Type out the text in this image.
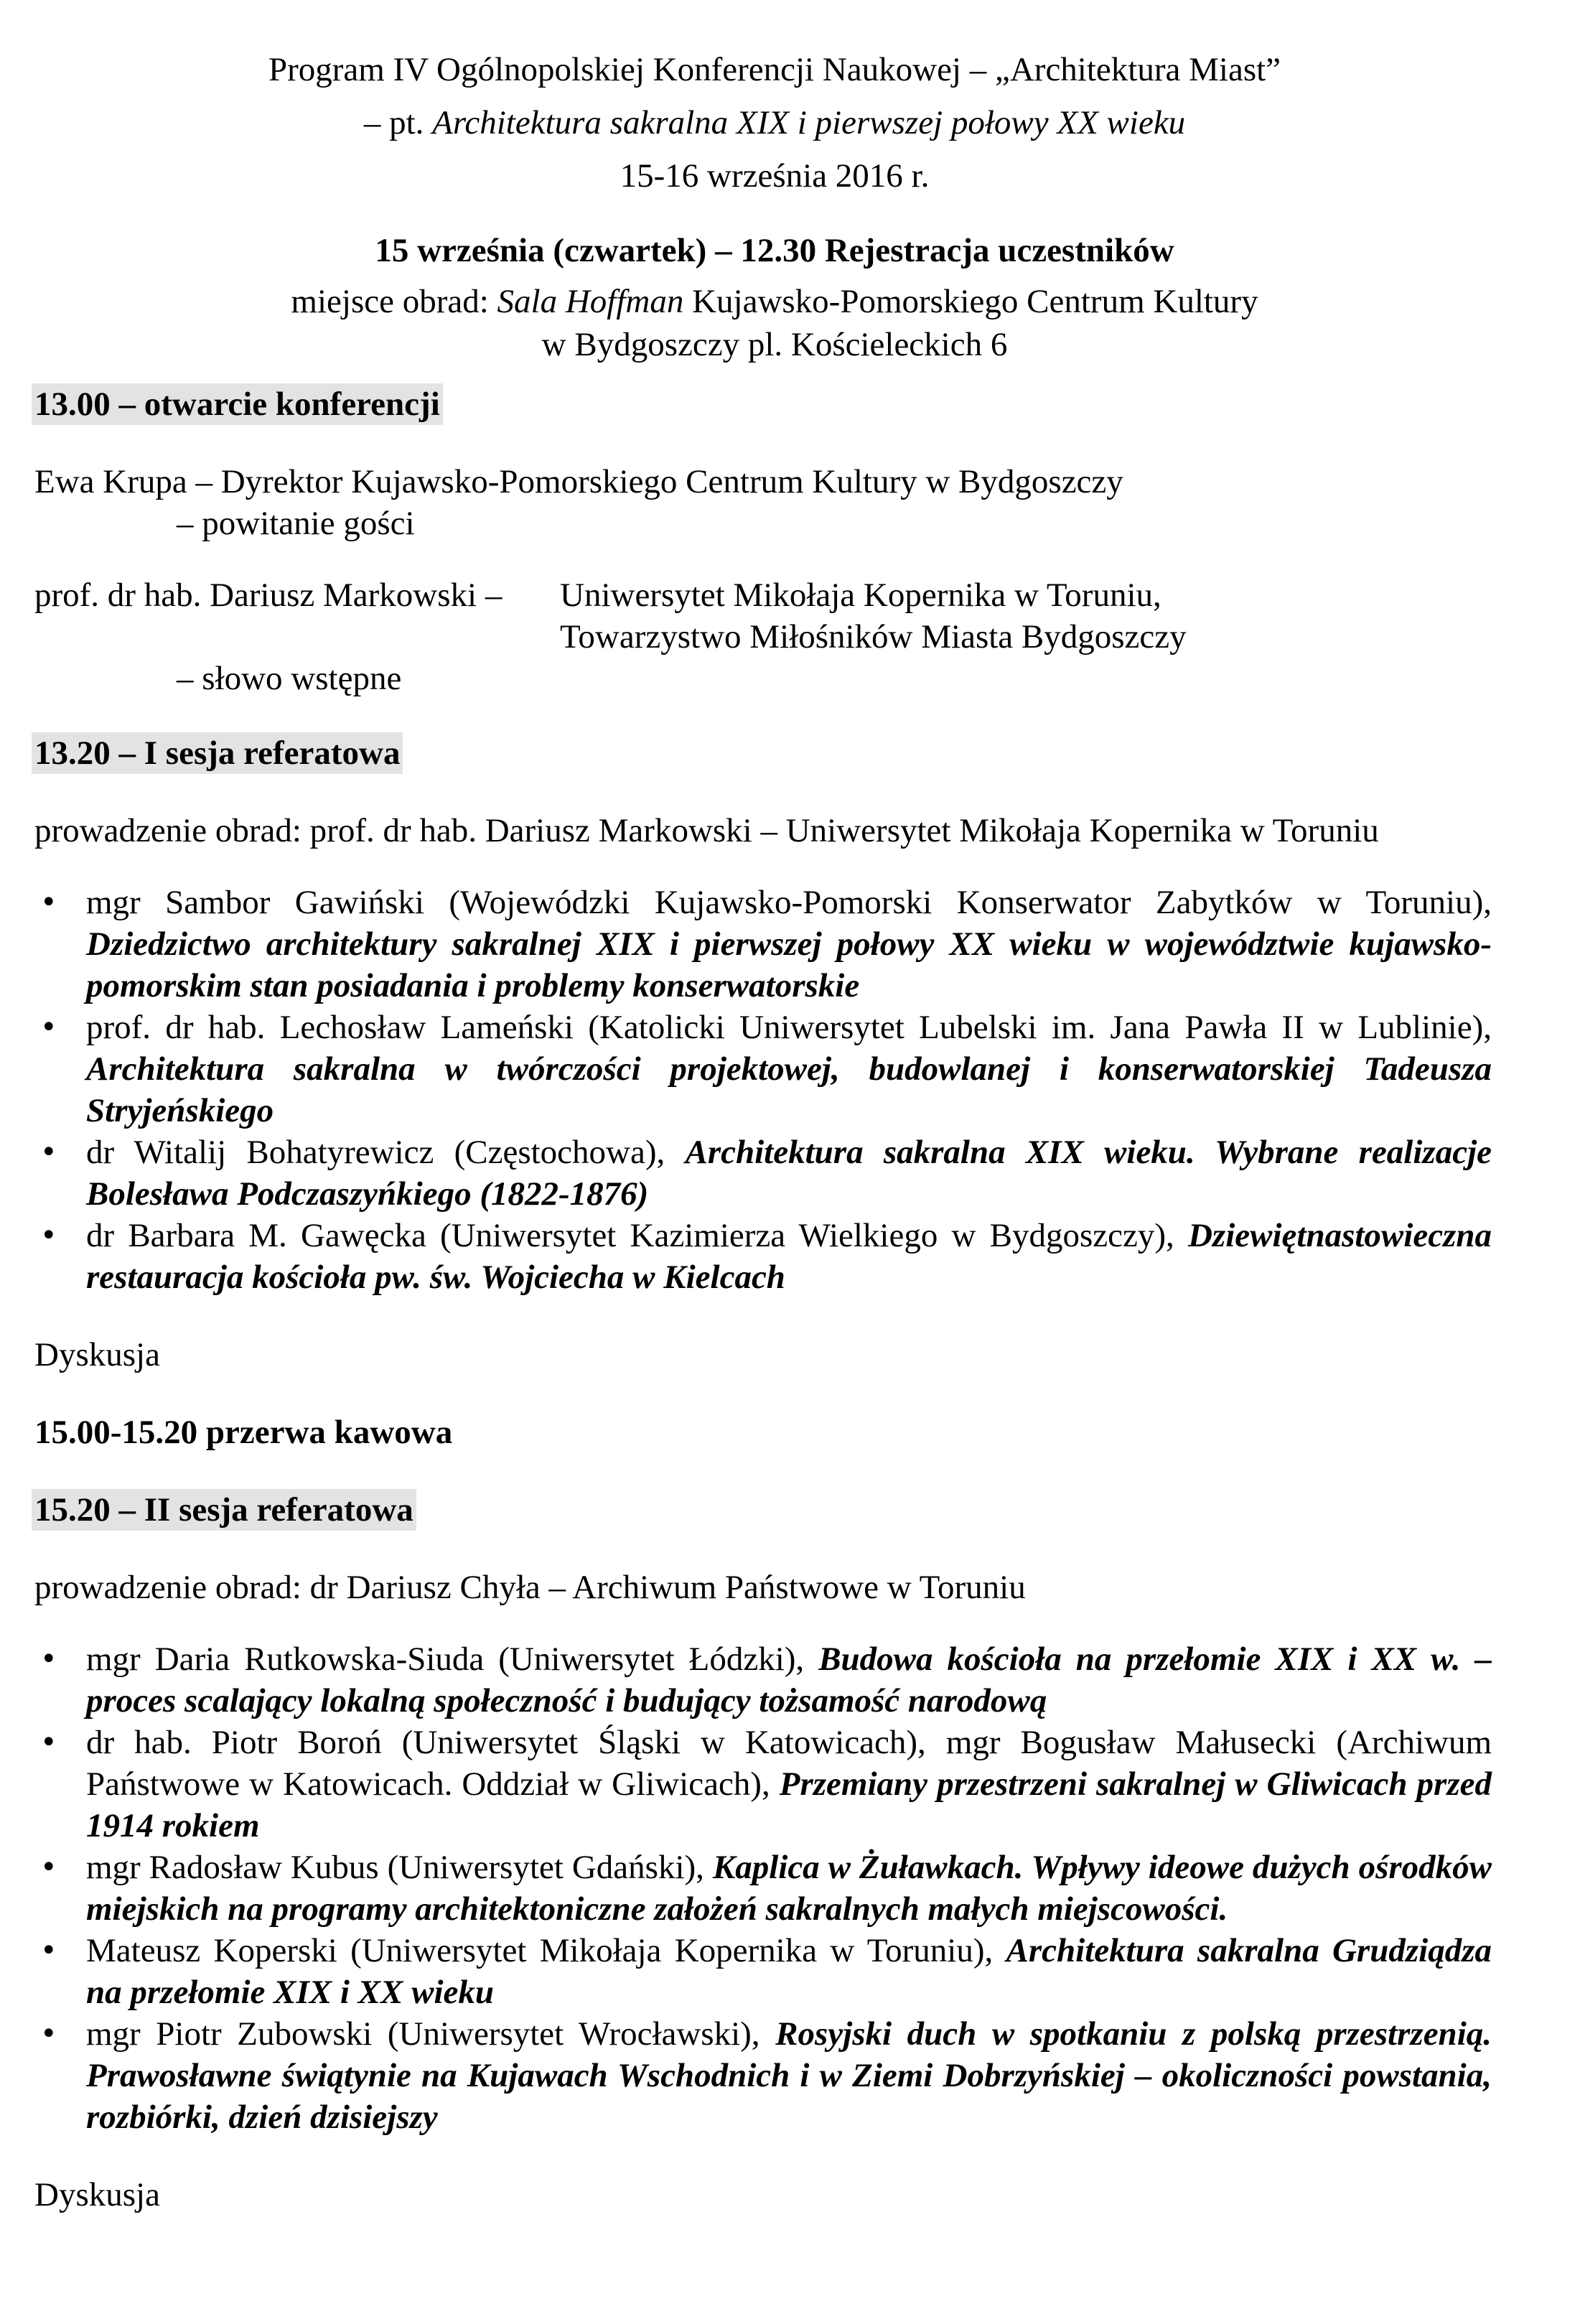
Program IV Ogólnopolskiej Konferencji Naukowej – „Architektura Miast”
– pt. Architektura sakralna XIX i pierwszej połowy XX wieku
15-16 września 2016 r.
15 września (czwartek) – 12.30 Rejestracja uczestników
miejsce obrad: Sala Hoffman Kujawsko-Pomorskiego Centrum Kultury
w Bydgoszczy pl. Kościeleckich 6
13.00 – otwarcie konferencji
Ewa Krupa – Dyrektor Kujawsko-Pomorskiego Centrum Kultury w Bydgoszczy
– powitanie gości
prof. dr hab. Dariusz Markowski –	Uniwersytet Mikołaja Kopernika w Toruniu,
Towarzystwo Miłośników Miasta Bydgoszczy
– słowo wstępne
13.20 – I sesja referatowa
prowadzenie obrad: prof. dr hab. Dariusz Markowski – Uniwersytet Mikołaja Kopernika w Toruniu
• mgr Sambor Gawiński (Wojewódzki Kujawsko-Pomorski Konserwator Zabytków w Toruniu), Dziedzictwo architektury sakralnej XIX i pierwszej połowy XX wieku w województwie kujawsko-pomorskim stan posiadania i problemy konserwatorskie
• prof. dr hab. Lechosław Lameński (Katolicki Uniwersytet Lubelski im. Jana Pawła II w Lublinie), Architektura sakralna w twórczości projektowej, budowlanej i konserwatorskiej Tadeusza Stryjeńskiego
• dr Witalij Bohatyrewicz (Częstochowa), Architektura sakralna XIX wieku. Wybrane realizacje Bolesława Podczaszyńkiego (1822-1876)
• dr Barbara M. Gawęcka (Uniwersytet Kazimierza Wielkiego w Bydgoszczy), Dziewiętnastowieczna restauracja kościoła pw. św. Wojciecha w Kielcach
Dyskusja
15.00-15.20 przerwa kawowa
15.20 – II sesja referatowa
prowadzenie obrad: dr Dariusz Chyła – Archiwum Państwowe w Toruniu
• mgr Daria Rutkowska-Siuda (Uniwersytet Łódzki), Budowa kościoła na przełomie XIX i XX w. – proces scalający lokalną społeczność i budujący tożsamość narodową
• dr hab. Piotr Boroń (Uniwersytet Śląski w Katowicach), mgr Bogusław Małusecki (Archiwum Państwowe w Katowicach. Oddział w Gliwicach), Przemiany przestrzeni sakralnej w Gliwicach przed 1914 rokiem
• mgr Radosław Kubus (Uniwersytet Gdański), Kaplica w Żuławkach. Wpływy ideowe dużych ośrodków miejskich na programy architektoniczne założeń sakralnych małych miejscowości.
• Mateusz Koperski (Uniwersytet Mikołaja Kopernika w Toruniu), Architektura sakralna Grudziądza na przełomie XIX i XX wieku
• mgr Piotr Zubowski (Uniwersytet Wrocławski), Rosyjski duch w spotkaniu z polską przestrzenią. Prawosławne świątynie na Kujawach Wschodnich i w Ziemi Dobrzyńskiej – okoliczności powstania, rozbiórki, dzień dzisiejszy
Dyskusja
